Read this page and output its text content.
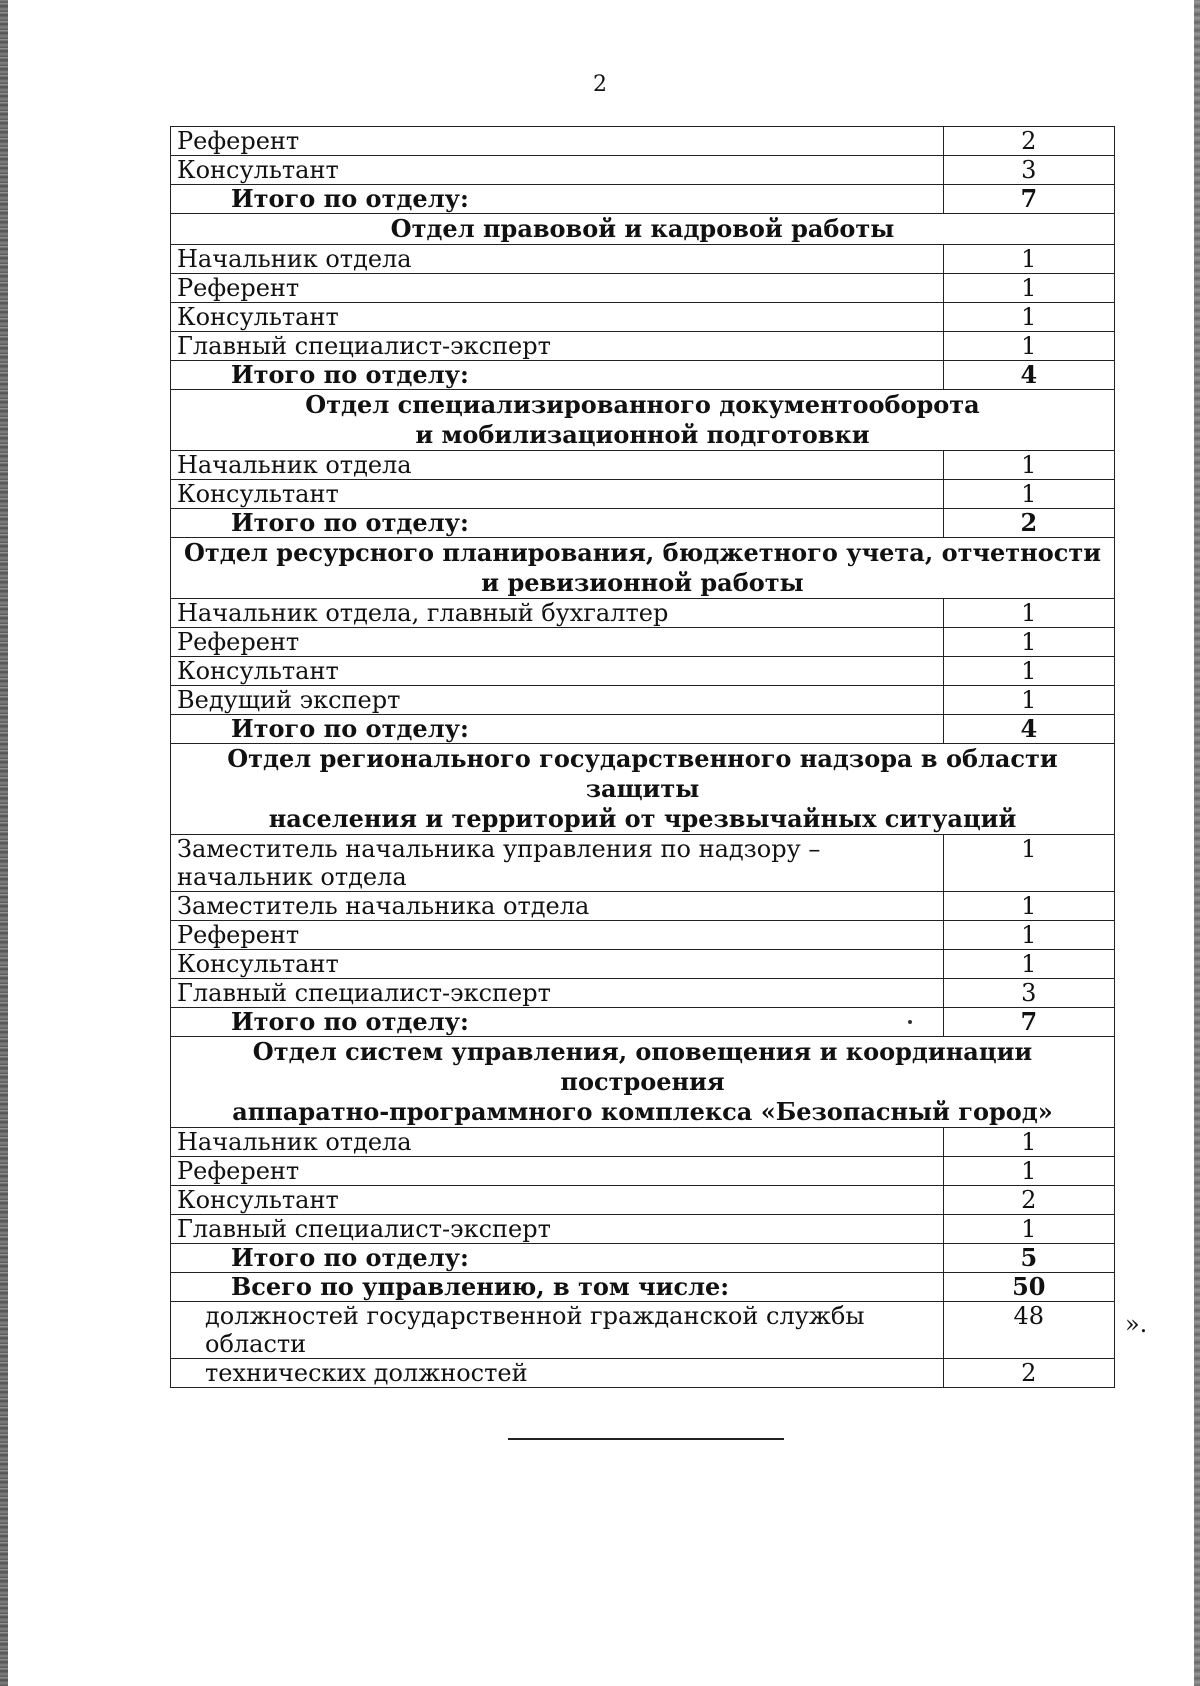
2
Референт	2
Консультант	3
Итого по отделу:	7

Отдел правовой и кадровой работы	

Начальник отдела	1
Референт	1
Консультант	1
Главный специалист-эксперт	1
Итого по отделу:	4

Отдел специализированного документооборота
и мобилизационной подготовки	

Начальник отдела	1
Консультант	1
Итого по отделу:	2

Отдел ресурсного планирования, бюджетного учета, отчетности
и ревизионной работы	

Начальник отдела, главный бухгалтер	1
Референт	1
Консультант	1
Ведущий эксперт	1
Итого по отделу:	4

Отдел регионального государственного надзора в области защиты
населения и территорий от чрезвычайных ситуаций	

Заместитель начальника управления по надзору – начальник отдела	1
Заместитель начальника отдела	1
Референт	1
Консультант	1
Главный специалист-эксперт	3
Итого по отделу:	7

Отдел систем управления, оповещения и координации построения
аппаратно-программного комплекса «Безопасный город»	

Начальник отдела	1
Референт	1
Консультант	2
Главный специалист-эксперт	1
Итого по отделу:	5
Всего по управлению, в том числе:	50
должностей государственной гражданской службы области	48
технических должностей	2
».
